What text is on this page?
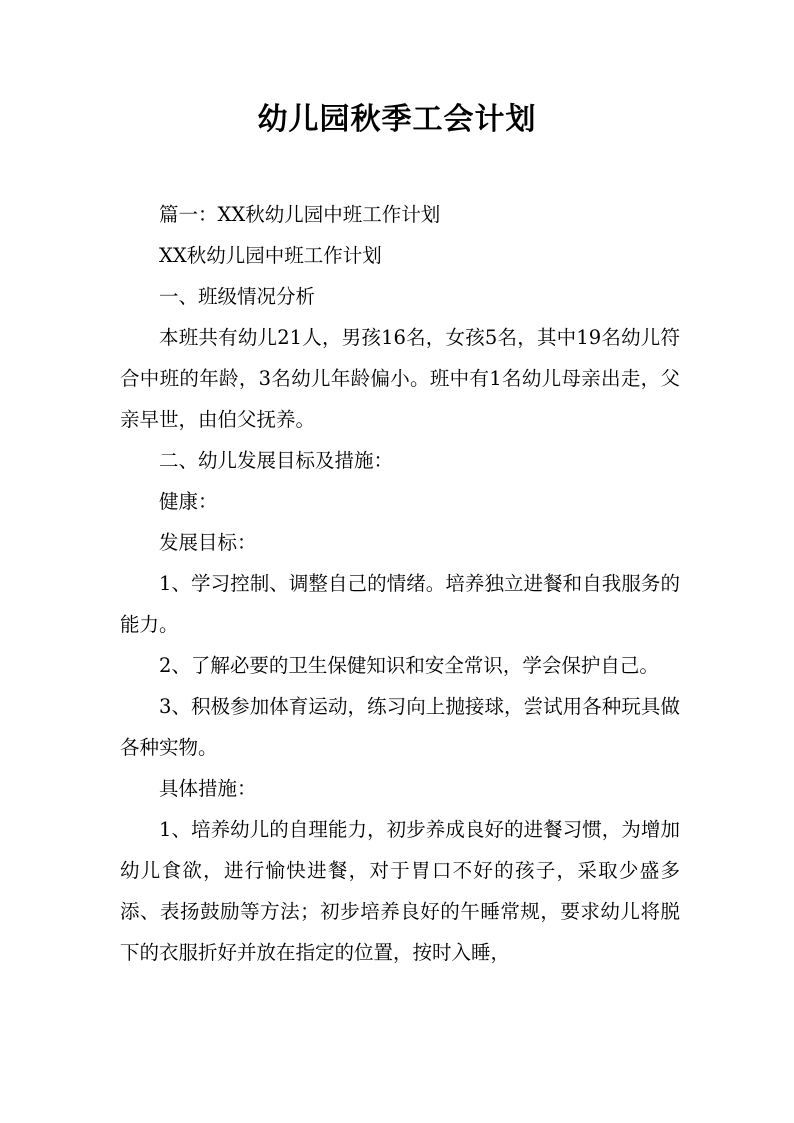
幼儿园秋季工会计划

篇一：XX秋幼儿园中班工作计划

XX秋幼儿园中班工作计划

一、班级情况分析

本班共有幼儿21人，男孩16名，女孩5名，其中19名幼儿符合中班的年龄，3名幼儿年龄偏小。班中有1名幼儿母亲出走，父亲早世，由伯父抚养。

二、幼儿发展目标及措施：

健康：

发展目标：

1、学习控制、调整自己的情绪。培养独立进餐和自我服务的能力。

2、了解必要的卫生保健知识和安全常识，学会保护自己。

3、积极参加体育运动，练习向上抛接球，尝试用各种玩具做各种实物。

具体措施：

1、培养幼儿的自理能力，初步养成良好的进餐习惯，为增加幼儿食欲，进行愉快进餐，对于胃口不好的孩子，采取少盛多添、表扬鼓励等方法；初步培养良好的午睡常规，要求幼儿将脱下的衣服折好并放在指定的位置，按时入睡，
